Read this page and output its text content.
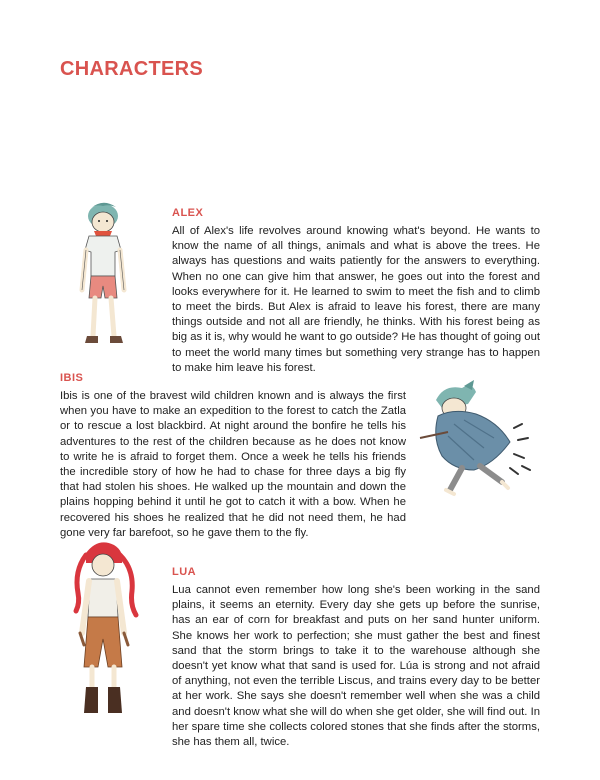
CHARACTERS
ALEX

All of Alex's life revolves around knowing what's beyond. He wants to know the name of all things, animals and what is above the trees. He always has questions and waits patiently for the answers to everything. When no one can give him that answer, he goes out into the forest and looks everywhere for it. He learned to swim to meet the fish and to climb to meet the birds. But Alex is afraid to leave his forest, there are many things outside and not all are friendly, he thinks. With his forest being as big as it is, why would he want to go outside? He has thought of going out to meet the world many times but something very strange has to happen to make him leave his forest.

IBIS

Ibis is one of the bravest wild children known and is always the first when you have to make an expedition to the forest to catch the Zatla or to rescue a lost blackbird. At night around the bonfire he tells his adventures to the rest of the children because as he does not know to write he is afraid to forget them. Once a week he tells his friends the incredible story of how he had to chase for three days a big fly that had stolen his shoes. He walked up the mountain and down the plains hopping behind it until he got to catch it with a bow. When he recovered his shoes he realized that he did not need them, he had gone very far barefoot, so he gave them to the fly.

LUA

Lua cannot even remember how long she's been working in the sand plains, it seems an eternity. Every day she gets up before the sunrise, has an ear of corn for breakfast and puts on her sand hunter uniform. She knows her work to perfection; she must gather the best and finest sand that the storm brings to take it to the warehouse although she doesn't yet know what that sand is used for. Lúa is strong and not afraid of anything, not even the terrible Liscus, and trains every day to be better at her work. She says she doesn't remember well when she was a child and doesn't know what she will do when she get older, she will find out. In her spare time she collects colored stones that she finds after the storms, she has them all, twice.
